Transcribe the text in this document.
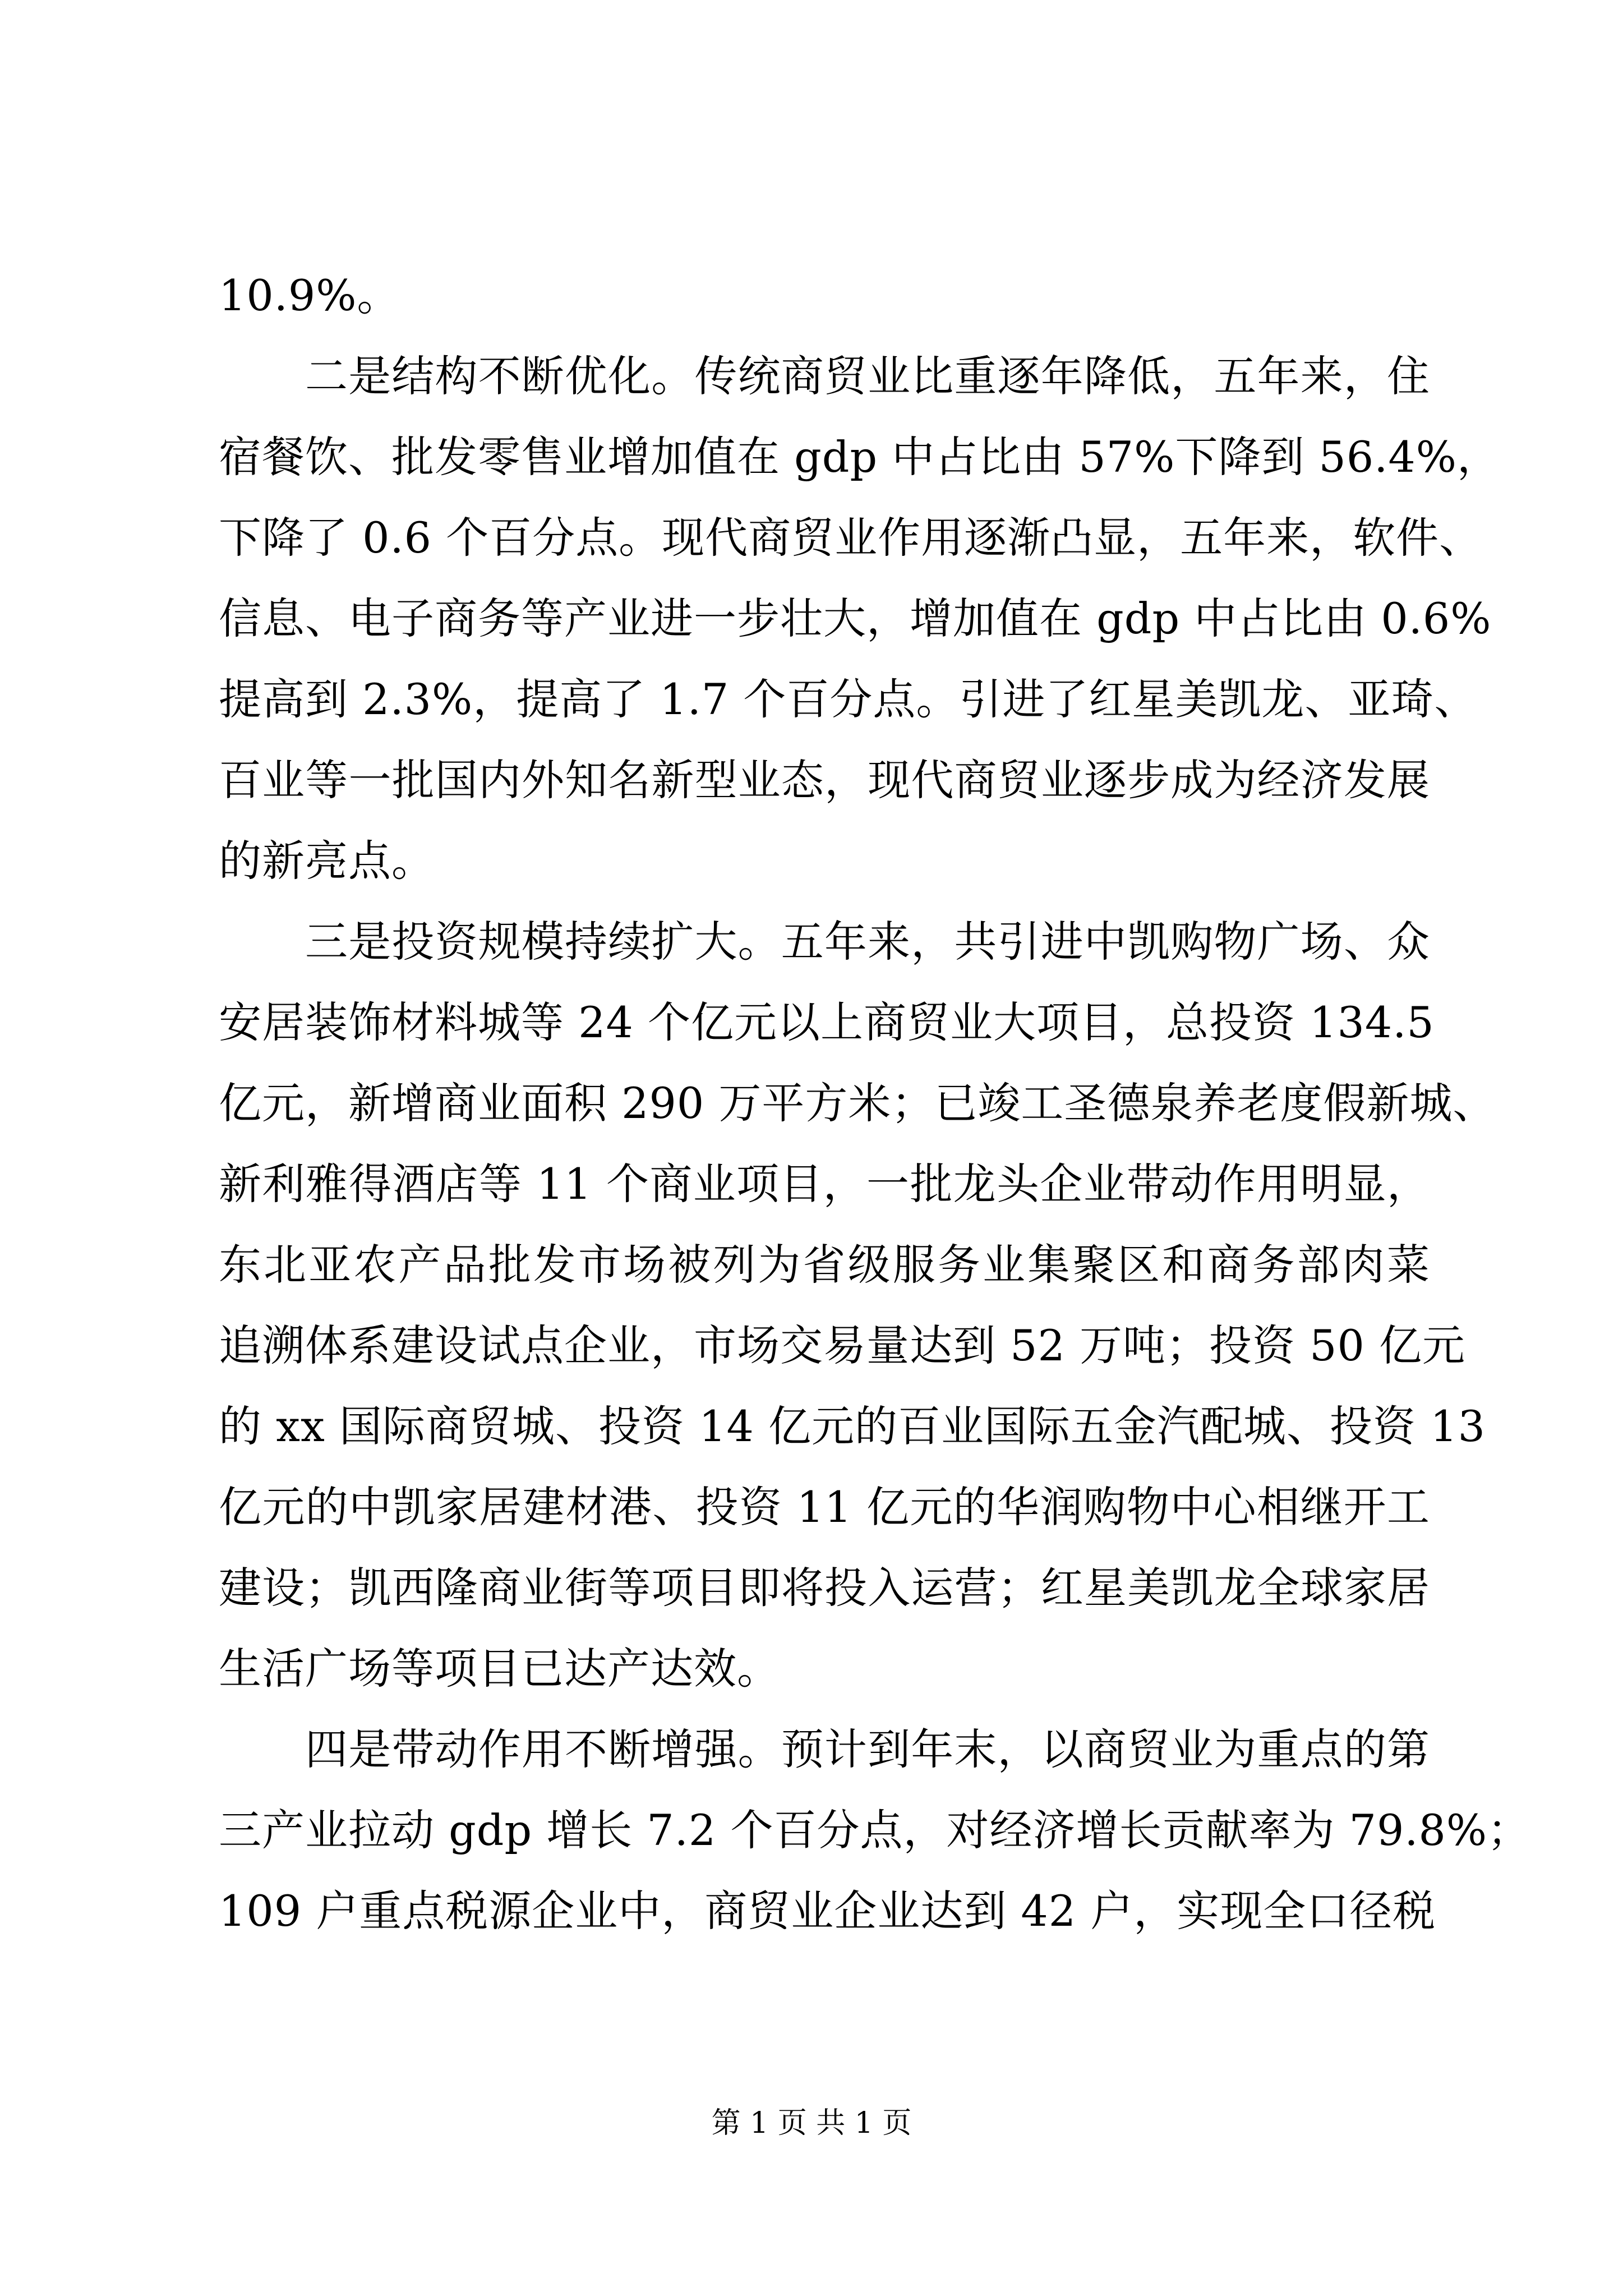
10.9%。
二是结构不断优化。传统商贸业比重逐年降低，五年来，住
宿餐饮、批发零售业增加值在 gdp 中占比由 57%下降到 56.4%，
下降了 0.6 个百分点。现代商贸业作用逐渐凸显，五年来，软件、
信息、电子商务等产业进一步壮大，增加值在 gdp 中占比由 0.6%
提高到 2.3%，提高了 1.7 个百分点。引进了红星美凯龙、亚琦、
百业等一批国内外知名新型业态，现代商贸业逐步成为经济发展
的新亮点。
三是投资规模持续扩大。五年来，共引进中凯购物广场、众
安居装饰材料城等 24 个亿元以上商贸业大项目，总投资 134.5
亿元，新增商业面积 290 万平方米；已竣工圣德泉养老度假新城、
新利雅得酒店等 11 个商业项目，一批龙头企业带动作用明显，
东北亚农产品批发市场被列为省级服务业集聚区和商务部肉菜
追溯体系建设试点企业，市场交易量达到 52 万吨；投资 50 亿元
的 xx 国际商贸城、投资 14 亿元的百业国际五金汽配城、投资 13
亿元的中凯家居建材港、投资 11 亿元的华润购物中心相继开工
建设；凯西隆商业街等项目即将投入运营；红星美凯龙全球家居
生活广场等项目已达产达效。
四是带动作用不断增强。预计到年末，以商贸业为重点的第
三产业拉动 gdp 增长 7.2 个百分点，对经济增长贡献率为 79.8%；
109 户重点税源企业中，商贸业企业达到 42 户，实现全口径税
第 1 页 共 1 页
